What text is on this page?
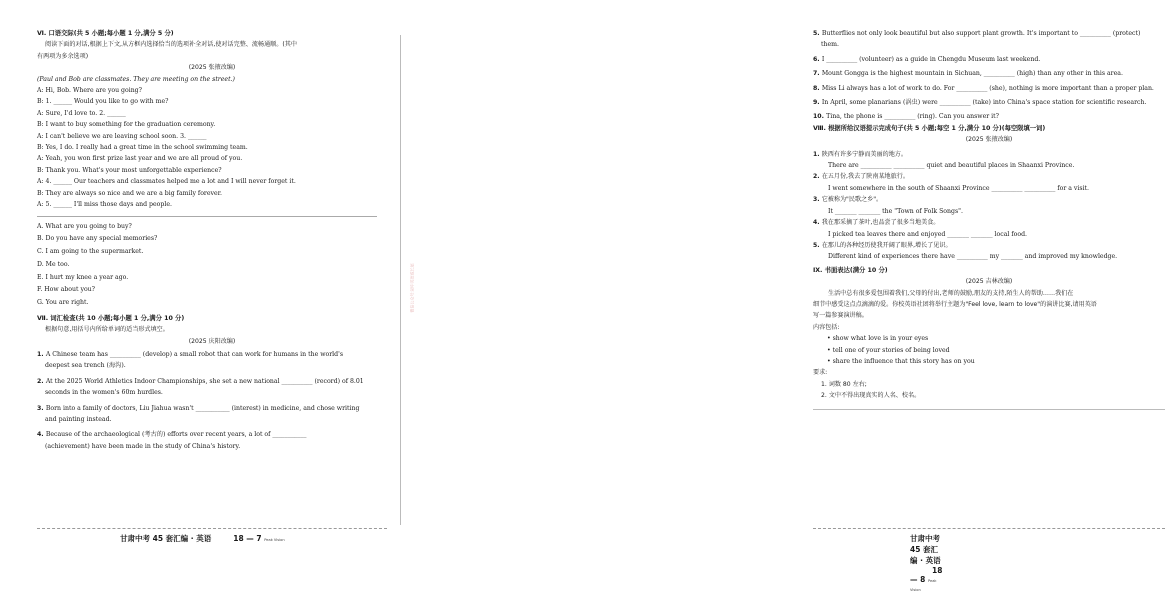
Ⅵ. 口语交际(共 5 小题;每小题 1 分,满分 5 分)
阅读下面的对话,根据上下文,从方框内选择恰当的选项补全对话,使对话完整、流畅通顺。(其中
有两项为多余选项)
(2025 张掖改编)
(Paul and Bob are classmates. They are meeting on the street.)
A: Hi, Bob. Where are you going?
B: 1. ______ Would you like to go with me?
A: Sure, I'd love to. 2. ______
B: I want to buy something for the graduation ceremony.
A: I can't believe we are leaving school soon. 3. ______
B: Yes, I do. I really had a great time in the school swimming team.
A: Yeah, you won first prize last year and we are all proud of you.
B: Thank you. What's your most unforgettable experience?
A: 4. ______ Our teachers and classmates helped me a lot and I will never forget it.
B: They are always so nice and we are a big family forever.
A: 5. ______ I'll miss those days and people.
A. What are you going to buy?
B. Do you have any special memories?
C. I am going to the supermarket.
D. Me too.
E. I hurt my knee a year ago.
F. How about you?
G. You are right.
Ⅶ. 词汇检查(共 10 小题;每小题 1 分,满分 10 分)
根据句意,用括号内所给单词的适当形式填空。
(2025 庆阳改编)
1. A Chinese team has __________ (develop) a small robot that can work for humans in the world's
deepest sea trench (海沟).
2. At the 2025 World Athletics Indoor Championships, she set a new national __________ (record) of 8.01
seconds in the women's 60m hurdles.
3. Born into a family of doctors, Liu Jiahua wasn't ___________ (interest) in medicine, and chose writing
and painting instead.
4. Because of the archaeological (考古的) efforts over recent years, a lot of ___________
(achievement) have been made in the study of China's history.
甘肃中考 45 套汇编 · 英语	18 — 7 Peak Vision
微信公众号:初中英语成长屋
5. Butterflies not only look beautiful but also support plant growth. It's important to __________ (protect)
them.
6. I __________ (volunteer) as a guide in Chengdu Museum last weekend.
7. Mount Gongga is the highest mountain in Sichuan, __________ (high) than any other in this area.
8. Miss Li always has a lot of work to do. For __________ (she), nothing is more important than a proper plan.
9. In April, some planarians (涡虫) were __________ (take) into China's space station for scientific research.
10. Tina, the phone is __________ (ring). Can you answer it?
Ⅷ. 根据所给汉语提示完成句子(共 5 小题;每空 1 分,满分 10 分)(每空限填一词)
(2025 张掖改编)
1. 陕西有许多宁静而美丽的地方。
There are __________ __________ quiet and beautiful places in Shaanxi Province.
2. 在五月份,我去了陕南某地旅行。
I went somewhere in the south of Shaanxi Province __________ __________ for a visit.
3. 它被称为"民歌之乡"。
It _______ _______ the "Town of Folk Songs".
4. 我在那采摘了茶叶,也品尝了很多当地美食。
I picked tea leaves there and enjoyed _______ _______ local food.
5. 在那儿的各种经历使我开阔了眼界,增长了见识。
Different kind of experiences there have __________ my _______ and improved my knowledge.
Ⅸ. 书面表达(满分 10 分)
(2025 吉林改编)
生活中总有很多爱包围着我们,父母的付出,老师的鼓励,朋友的支持,陌生人的帮助……我们在
细节中感受这点点滴滴的爱。你校英语社团将举行主题为"Feel love, learn to love"的演讲比赛,请用英语
写一篇参赛演讲稿。
内容包括:
• show what love is in your eyes
• tell one of your stories of being loved
• share the influence that this story has on you
要求:
1. 词数 80 左右;
2. 文中不得出现真实的人名、校名。
甘肃中考 45 套汇编 · 英语18 — 8 Peak Vision
